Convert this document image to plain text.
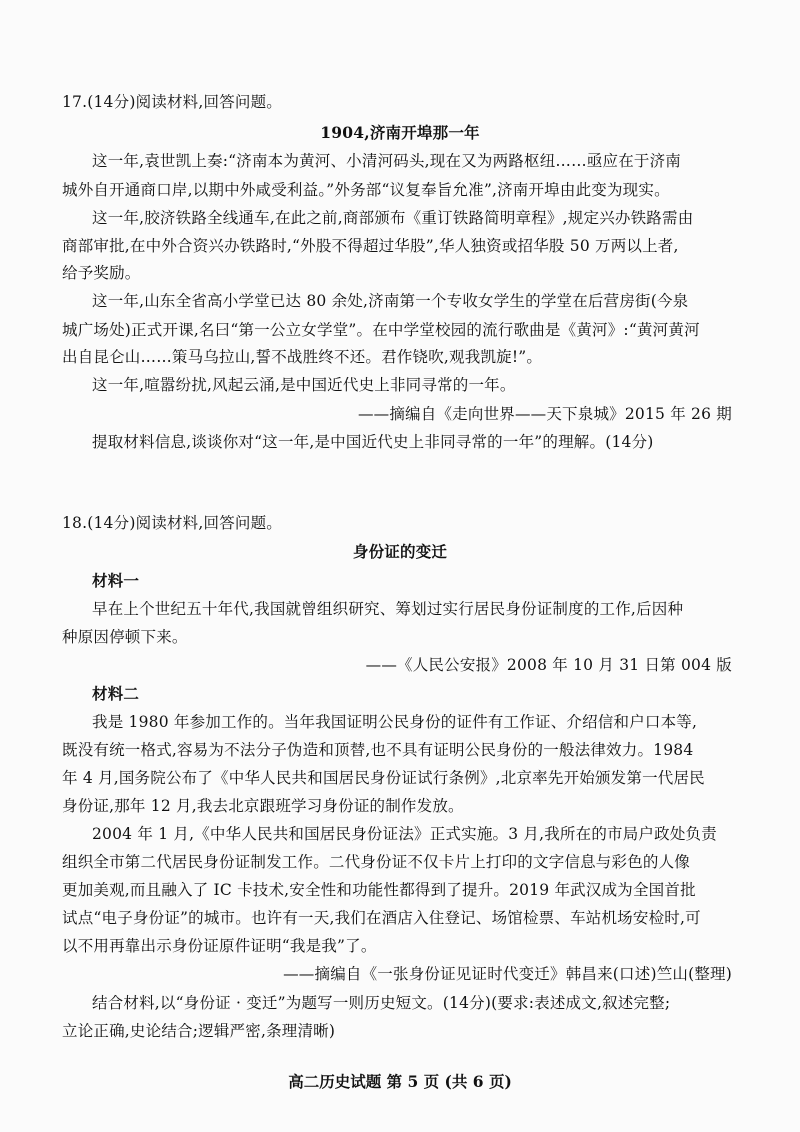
17.(14分)阅读材料,回答问题。
1904,济南开埠那一年
这一年,袁世凯上奏:“济南本为黄河、小清河码头,现在又为两路枢纽……亟应在于济南
城外自开通商口岸,以期中外咸受利益。”外务部“议复奉旨允准”,济南开埠由此变为现实。
这一年,胶济铁路全线通车,在此之前,商部颁布《重订铁路简明章程》,规定兴办铁路需由
商部审批,在中外合资兴办铁路时,“外股不得超过华股”,华人独资或招华股 50 万两以上者,
给予奖励。
这一年,山东全省高小学堂已达 80 余处,济南第一个专收女学生的学堂在后营房街(今泉
城广场处)正式开课,名曰“第一公立女学堂”。在中学堂校园的流行歌曲是《黄河》:“黄河黄河
出自昆仑山……策马乌拉山,誓不战胜终不还。君作铙吹,观我凯旋!”。
这一年,喧嚣纷扰,风起云涌,是中国近代史上非同寻常的一年。
——摘编自《走向世界——天下泉城》2015 年 26 期
提取材料信息,谈谈你对“这一年,是中国近代史上非同寻常的一年”的理解。(14分)
18.(14分)阅读材料,回答问题。
身份证的变迁
材料一
早在上个世纪五十年代,我国就曾组织研究、筹划过实行居民身份证制度的工作,后因种
种原因停顿下来。
——《人民公安报》2008 年 10 月 31 日第 004 版
材料二
我是 1980 年参加工作的。当年我国证明公民身份的证件有工作证、介绍信和户口本等,
既没有统一格式,容易为不法分子伪造和顶替,也不具有证明公民身份的一般法律效力。1984
年 4 月,国务院公布了《中华人民共和国居民身份证试行条例》,北京率先开始颁发第一代居民
身份证,那年 12 月,我去北京跟班学习身份证的制作发放。
2004 年 1 月,《中华人民共和国居民身份证法》正式实施。3 月,我所在的市局户政处负责
组织全市第二代居民身份证制发工作。二代身份证不仅卡片上打印的文字信息与彩色的人像
更加美观,而且融入了 IC 卡技术,安全性和功能性都得到了提升。2019 年武汉成为全国首批
试点“电子身份证”的城市。也许有一天,我们在酒店入住登记、场馆检票、车站机场安检时,可
以不用再靠出示身份证原件证明“我是我”了。
——摘编自《一张身份证见证时代变迁》韩昌来(口述)竺山(整理)
结合材料,以“身份证 · 变迁”为题写一则历史短文。(14分)(要求:表述成文,叙述完整;
立论正确,史论结合;逻辑严密,条理清晰)
高二历史试题 第 5 页 (共 6 页)
